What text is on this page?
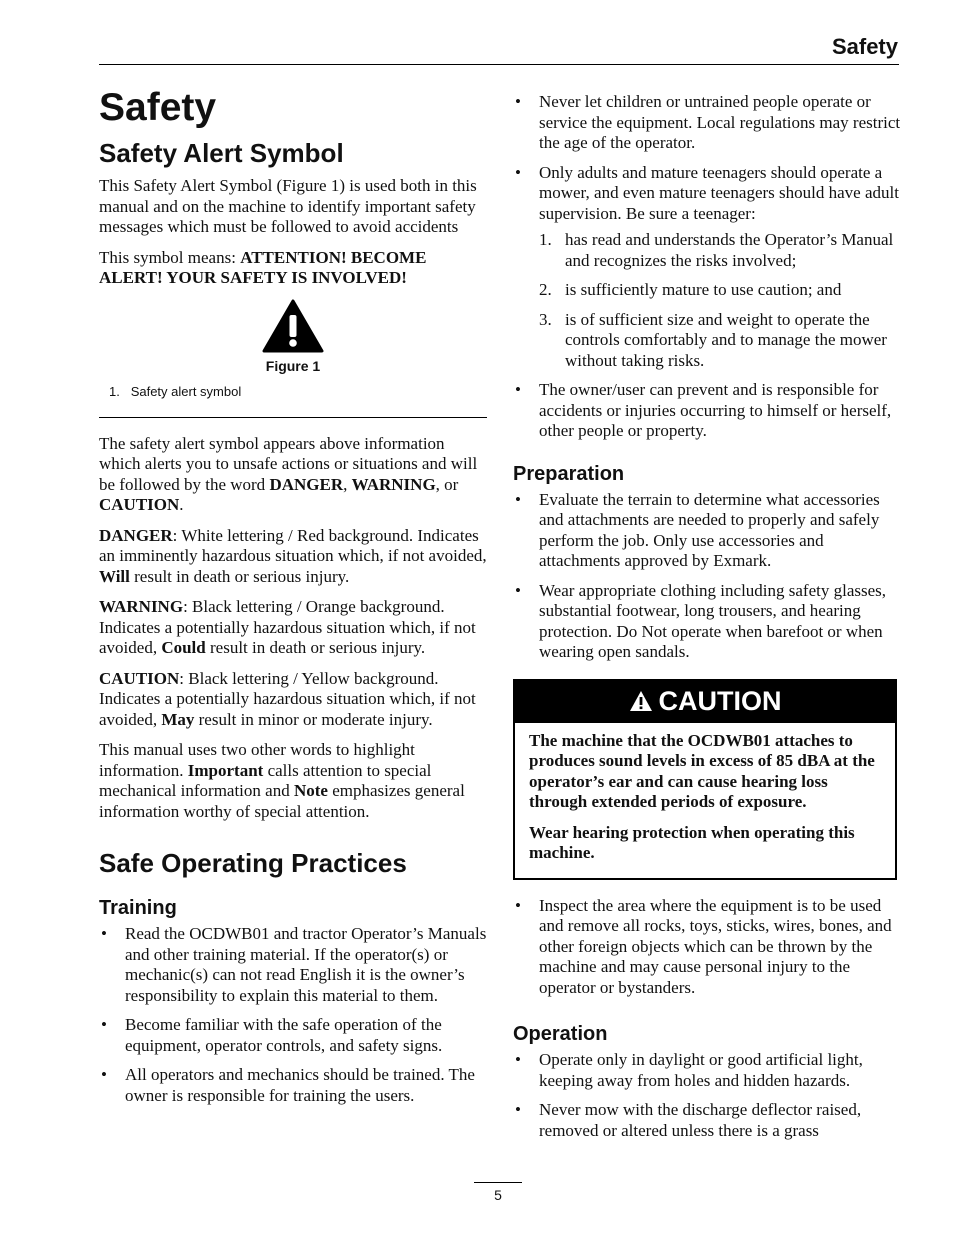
Safety
Safety
Safety Alert Symbol

This Safety Alert Symbol (Figure 1) is used both in this manual and on the machine to identify important safety messages which must be followed to avoid accidents

This symbol means: ATTENTION! BECOME ALERT! YOUR SAFETY IS INVOLVED!

Figure 1
1. Safety alert symbol

The safety alert symbol appears above information which alerts you to unsafe actions or situations and will be followed by the word DANGER, WARNING, or CAUTION.

DANGER: White lettering / Red background. Indicates an imminently hazardous situation which, if not avoided, Will result in death or serious injury.

WARNING: Black lettering / Orange background. Indicates a potentially hazardous situation which, if not avoided, Could result in death or serious injury.

CAUTION: Black lettering / Yellow background. Indicates a potentially hazardous situation which, if not avoided, May result in minor or moderate injury.

This manual uses two other words to highlight information. Important calls attention to special mechanical information and Note emphasizes general information worthy of special attention.

Safe Operating Practices
Training
• Read the OCDWB01 and tractor Operator’s Manuals and other training material. If the operator(s) or mechanic(s) can not read English it is the owner’s responsibility to explain this material to them.
• Become familiar with the safe operation of the equipment, operator controls, and safety signs.
• All operators and mechanics should be trained. The owner is responsible for training the users.
• Never let children or untrained people operate or service the equipment. Local regulations may restrict the age of the operator.
• Only adults and mature teenagers should operate a mower, and even mature teenagers should have adult supervision. Be sure a teenager:
1. has read and understands the Operator’s Manual and recognizes the risks involved;
2. is sufficiently mature to use caution; and
3. is of sufficient size and weight to operate the controls comfortably and to manage the mower without taking risks.
• The owner/user can prevent and is responsible for accidents or injuries occurring to himself or herself, other people or property.
Preparation
• Evaluate the terrain to determine what accessories and attachments are needed to properly and safely perform the job. Only use accessories and attachments approved by Exmark.
• Wear appropriate clothing including safety glasses, substantial footwear, long trousers, and hearing protection. Do Not operate when barefoot or when wearing open sandals.
CAUTION

The machine that the OCDWB01 attaches to produces sound levels in excess of 85 dBA at the operator’s ear and can cause hearing loss through extended periods of exposure.

Wear hearing protection when operating this machine.

• Inspect the area where the equipment is to be used and remove all rocks, toys, sticks, wires, bones, and other foreign objects which can be thrown by the machine and may cause personal injury to the operator or bystanders.
Operation
• Operate only in daylight or good artificial light, keeping away from holes and hidden hazards.
• Never mow with the discharge deflector raised, removed or altered unless there is a grass
5
